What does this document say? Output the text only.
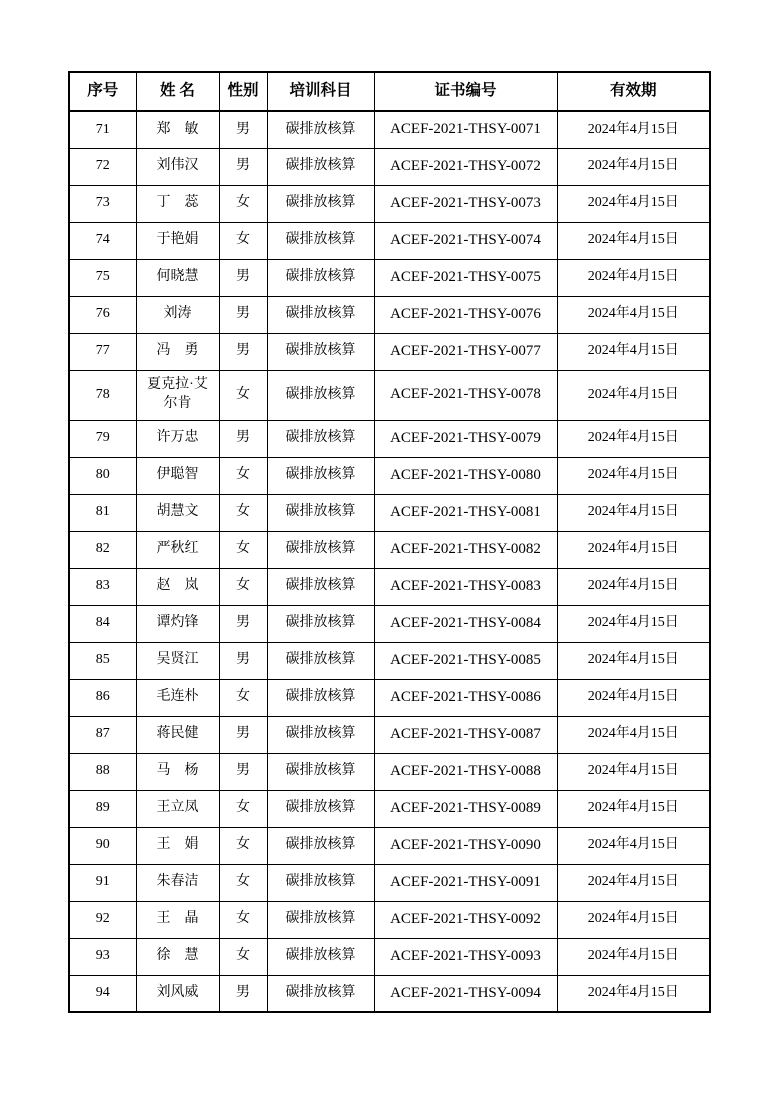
序号	姓 名	性别	培训科目	证书编号	有效期
71	郑　敏	男	碳排放核算	ACEF-2021-THSY-0071	2024年4月15日
72	刘伟汉	男	碳排放核算	ACEF-2021-THSY-0072	2024年4月15日
73	丁　蕊	女	碳排放核算	ACEF-2021-THSY-0073	2024年4月15日
74	于艳娟	女	碳排放核算	ACEF-2021-THSY-0074	2024年4月15日
75	何晓慧	男	碳排放核算	ACEF-2021-THSY-0075	2024年4月15日
76	刘涛	男	碳排放核算	ACEF-2021-THSY-0076	2024年4月15日
77	冯　勇	男	碳排放核算	ACEF-2021-THSY-0077	2024年4月15日
78	夏克拉·艾尔肯	女	碳排放核算	ACEF-2021-THSY-0078	2024年4月15日
79	许万忠	男	碳排放核算	ACEF-2021-THSY-0079	2024年4月15日
80	伊聪智	女	碳排放核算	ACEF-2021-THSY-0080	2024年4月15日
81	胡慧文	女	碳排放核算	ACEF-2021-THSY-0081	2024年4月15日
82	严秋红	女	碳排放核算	ACEF-2021-THSY-0082	2024年4月15日
83	赵　岚	女	碳排放核算	ACEF-2021-THSY-0083	2024年4月15日
84	谭灼锋	男	碳排放核算	ACEF-2021-THSY-0084	2024年4月15日
85	吴贤江	男	碳排放核算	ACEF-2021-THSY-0085	2024年4月15日
86	毛连朴	女	碳排放核算	ACEF-2021-THSY-0086	2024年4月15日
87	蒋民健	男	碳排放核算	ACEF-2021-THSY-0087	2024年4月15日
88	马　杨	男	碳排放核算	ACEF-2021-THSY-0088	2024年4月15日
89	王立凤	女	碳排放核算	ACEF-2021-THSY-0089	2024年4月15日
90	王　娟	女	碳排放核算	ACEF-2021-THSY-0090	2024年4月15日
91	朱春洁	女	碳排放核算	ACEF-2021-THSY-0091	2024年4月15日
92	王　晶	女	碳排放核算	ACEF-2021-THSY-0092	2024年4月15日
93	徐　慧	女	碳排放核算	ACEF-2021-THSY-0093	2024年4月15日
94	刘风威	男	碳排放核算	ACEF-2021-THSY-0094	2024年4月15日
